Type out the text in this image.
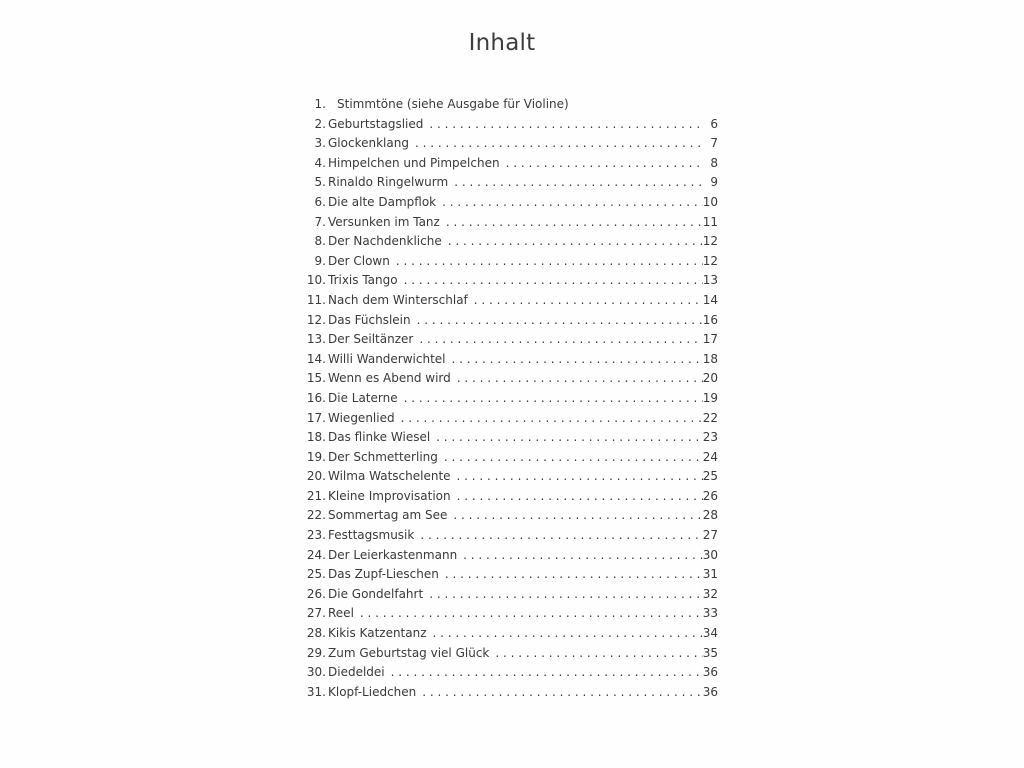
Inhalt
1. Stimmtöne (siehe Ausgabe für Violine)
2. Geburtstagslied . . .	6
3. Glockenklang . . .	7
4. Himpelchen und Pimpelchen . . .	8
5. Rinaldo Ringelwurm . . .	9
6. Die alte Dampflok . . .	10
7. Versunken im Tanz . . .	11
8. Der Nachdenkliche . . .	12
9. Der Clown . . .	12
10. Trixis Tango . . .	13
11. Nach dem Winterschlaf . . .	14
12. Das Füchslein . . .	16
13. Der Seiltänzer . . .	17
14. Willi Wanderwichtel . . .	18
15. Wenn es Abend wird . . .	20
16. Die Laterne . . .	19
17. Wiegenlied . . .	22
18. Das flinke Wiesel . . .	23
19. Der Schmetterling . . .	24
20. Wilma Watschelente . . .	25
21. Kleine Improvisation . . .	26
22. Sommertag am See . . .	28
23. Festtagsmusik . . .	27
24. Der Leierkastenmann . . .	30
25. Das Zupf-Lieschen . . .	31
26. Die Gondelfahrt . . .	32
27. Reel . . .	33
28. Kikis Katzentanz . . .	34
29. Zum Geburtstag viel Glück . . .	35
30. Diedeldei . . .	36
31. Klopf-Liedchen . . .	36
